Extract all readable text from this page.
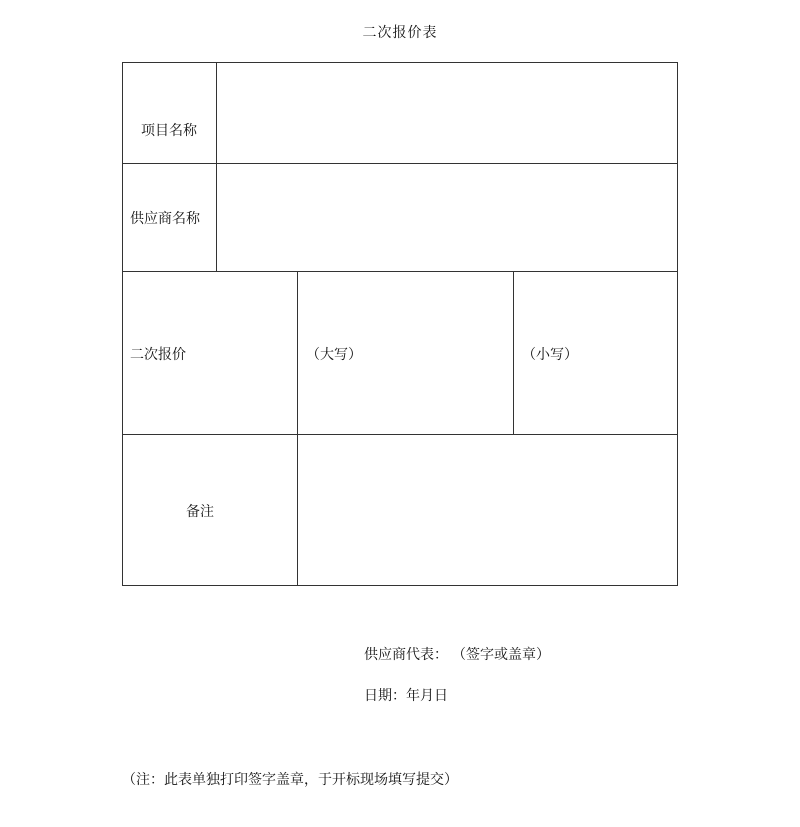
二次报价表
项目名称
供应商名称
二次报价	（大写）	（小写）
备注
供应商代表： （签字或盖章）
日期：年月日
（注：此表单独打印签字盖章，于开标现场填写提交）
